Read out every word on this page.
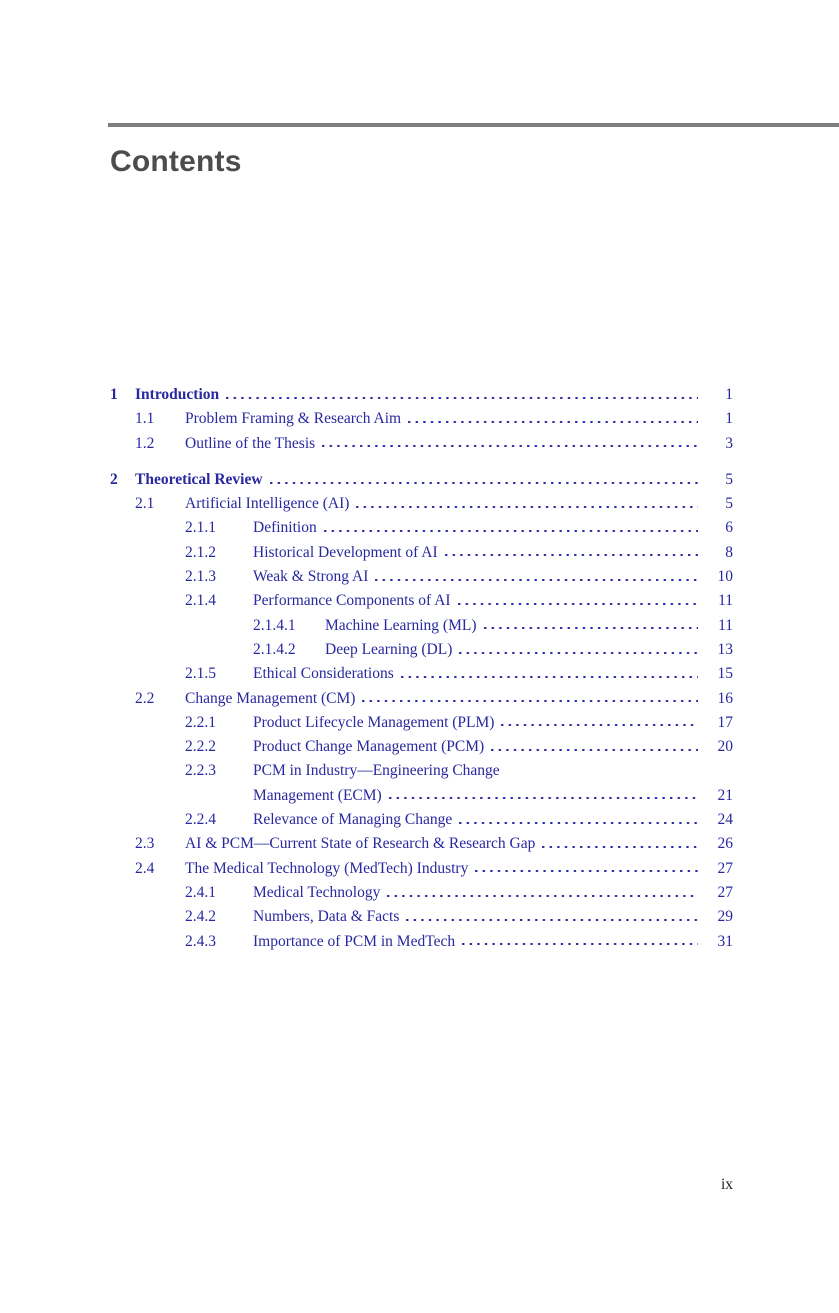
Contents
1	Introduction	1
1.1	Problem Framing & Research Aim	1
1.2	Outline of the Thesis	3
2	Theoretical Review	5
2.1	Artificial Intelligence (AI)	5
2.1.1	Definition	6
2.1.2	Historical Development of AI	8
2.1.3	Weak & Strong AI	10
2.1.4	Performance Components of AI	11
2.1.4.1	Machine Learning (ML)	11
2.1.4.2	Deep Learning (DL)	13
2.1.5	Ethical Considerations	15
2.2	Change Management (CM)	16
2.2.1	Product Lifecycle Management (PLM)	17
2.2.2	Product Change Management (PCM)	20
2.2.3	PCM in Industry—Engineering Change
Management (ECM)	21
2.2.4	Relevance of Managing Change	24
2.3	AI & PCM—Current State of Research & Research Gap	26
2.4	The Medical Technology (MedTech) Industry	27
2.4.1	Medical Technology	27
2.4.2	Numbers, Data & Facts	29
2.4.3	Importance of PCM in MedTech	31
ix
